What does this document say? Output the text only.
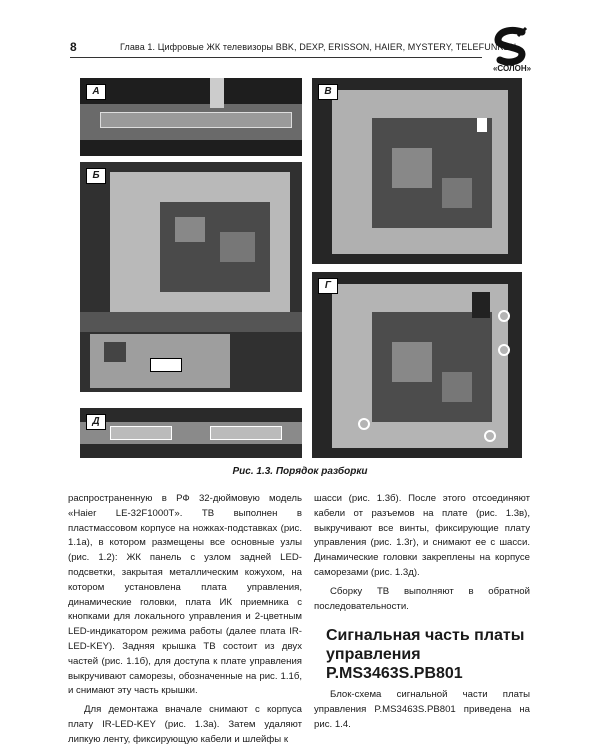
8	Глава 1. Цифровые ЖК телевизоры BBK, DEXP, ERISSON, HAIER, MYSTERY, TELEFUNKEN
«СОЛОН»
А
Б
Д
В
Г
Рис. 1.3. Порядок разборки

распространенную в РФ 32-дюймовую модель «Haier LE-32F1000T». ТВ выполнен в пластмассовом корпусе на ножках-подставках (рис. 1.1а), в котором размещены все основные узлы (рис. 1.2): ЖК панель с узлом задней LED-подсветки, закрытая металлическим кожухом, на котором установлена плата управления, динамические головки, плата ИК приемника с кнопками для локального управления и 2-цветным LED-индикатором режима работы (далее плата IR-LED-KEY). Задняя крышка ТВ состоит из двух частей (рис. 1.1б), для доступа к плате управления выкручивают саморезы, обозначенные на рис. 1.1б, и снимают эту часть крышки.

Для демонтажа вначале снимают с корпуса плату IR-LED-KEY (рис. 1.3а). Затем удаляют липкую ленту, фиксирующую кабели и шлейфы к

шасси (рис. 1.3б). После этого отсоединяют кабели от разъемов на плате (рис. 1.3в), выкручивают все винты, фиксирующие плату управления (рис. 1.3г), и снимают ее с шасси. Динамические головки закреплены на корпусе саморезами (рис. 1.3д).

Сборку ТВ выполняют в обратной последовательности.

Сигнальная часть платы управления P.MS3463S.PB801
Блок-схема сигнальной части платы управления P.MS3463S.PB801 приведена на рис. 1.4.
